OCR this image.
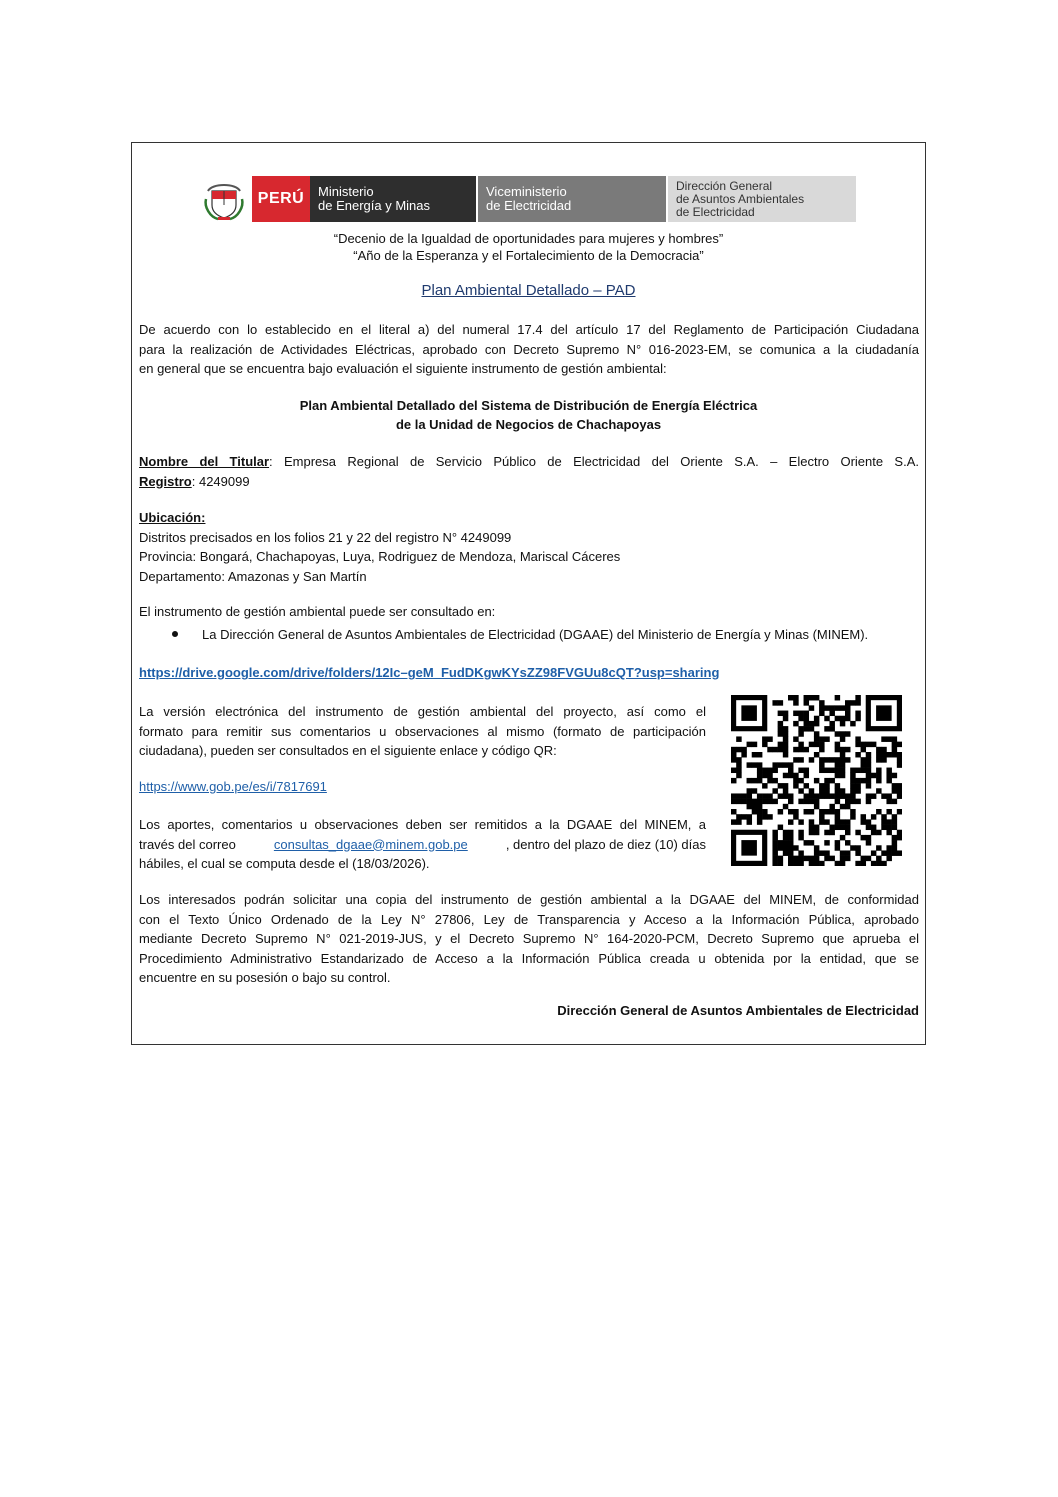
PERÚ	Ministerio
de Energía y Minas
Viceministerio
de Electricidad
Dirección General
de Asuntos Ambientales
de Electricidad
“Decenio de la Igualdad de oportunidades para mujeres y hombres”
“Año de la Esperanza y el Fortalecimiento de la Democracia”
Plan Ambiental Detallado – PAD
De acuerdo con lo establecido en el literal a) del numeral 17.4 del artículo 17 del Reglamento de Participación Ciudadana
para la realización de Actividades Eléctricas, aprobado con Decreto Supremo N° 016-2023-EM, se comunica a la ciudadanía
en general que se encuentra bajo evaluación el siguiente instrumento de gestión ambiental:
Plan Ambiental Detallado del Sistema de Distribución de Energía Eléctrica
de la Unidad de Negocios de Chachapoyas
Nombre del Titular: Empresa Regional de Servicio Público de Electricidad del Oriente S.A. – Electro Oriente S.A.
Registro: 4249099
Ubicación:
Distritos precisados en los folios 21 y 22 del registro N° 4249099
Provincia: Bongará, Chachapoyas, Luya, Rodriguez de Mendoza, Mariscal Cáceres
Departamento: Amazonas y San Martín
El instrumento de gestión ambiental puede ser consultado en:
La Dirección General de Asuntos Ambientales de Electricidad (DGAAE) del Ministerio de Energía y Minas (MINEM).
https://drive.google.com/drive/folders/12Ic–geM_FudDKgwKYsZZ98FVGUu8cQT?usp=sharing
La versión electrónica del instrumento de gestión ambiental del proyecto, así como el
formato para remitir sus comentarios u observaciones al mismo (formato de participación
ciudadana), pueden ser consultados en el siguiente enlace y código QR:
https://www.gob.pe/es/i/7817691
Los aportes, comentarios u observaciones deben ser remitidos a la DGAAE del MINEM, a
través del correo	consultas_dgaae@minem.gob.pe	, dentro del plazo de diez (10) días
hábiles, el cual se computa desde el (18/03/2026).
Los interesados podrán solicitar una copia del instrumento de gestión ambiental a la DGAAE del MINEM, de conformidad
con el Texto Único Ordenado de la Ley N° 27806, Ley de Transparencia y Acceso a la Información Pública, aprobado
mediante Decreto Supremo N° 021-2019-JUS, y el Decreto Supremo N° 164-2020-PCM, Decreto Supremo que aprueba el
Procedimiento Administrativo Estandarizado de Acceso a la Información Pública creada u obtenida por la entidad, que se
encuentre en su posesión o bajo su control.
Dirección General de Asuntos Ambientales de Electricidad
